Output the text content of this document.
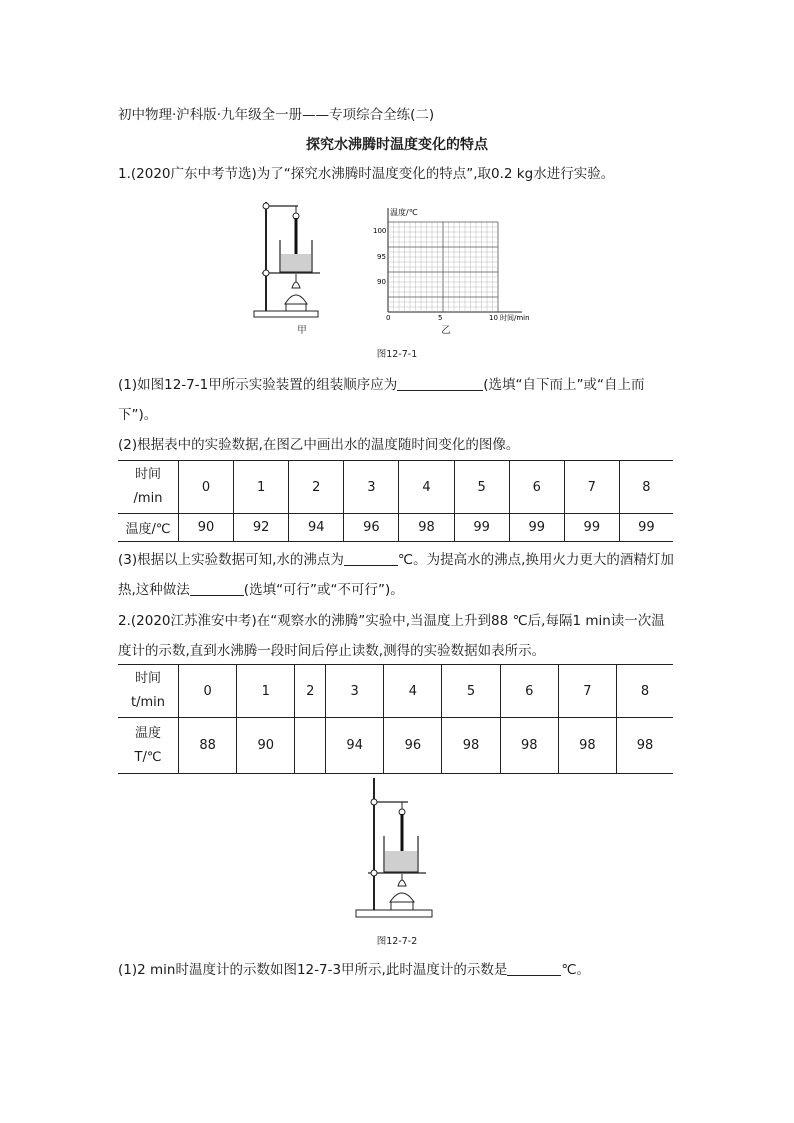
初中物理·沪科版·九年级全一册——专项综合全练(二)
探究水沸腾时温度变化的特点
1.(2020广东中考节选)为了“探究水沸腾时温度变化的特点”,取0.2 kg水进行实验。
甲
温度/℃
时间/min
100
95
90
0	5	10
乙
图12-7-1
(1)如图12-7-1甲所示实验装置的组装顺序应为	(选填“自下而上”或“自上而下”)。
(2)根据表中的实验数据,在图乙中画出水的温度随时间变化的图像。
时间
/min	0	1	2	3	4	5	6	7	8
温度/℃	90	92	94	96	98	99	99	99	99
(3)根据以上实验数据可知,水的沸点为	℃。为提高水的沸点,换用火力更大的酒精灯加热,这种做法	(选填“可行”或“不可行”)。
2.(2020江苏淮安中考)在“观察水的沸腾”实验中,当温度上升到88 ℃后,每隔1 min读一次温度计的示数,直到水沸腾一段时间后停止读数,测得的实验数据如表所示。
时间
t/min	0	1	2	3	4	5	6	7	8

温度
T/℃	88	90		94	96	98	98	98	98
图12-7-2
(1)2 min时温度计的示数如图12-7-3甲所示,此时温度计的示数是	℃。
